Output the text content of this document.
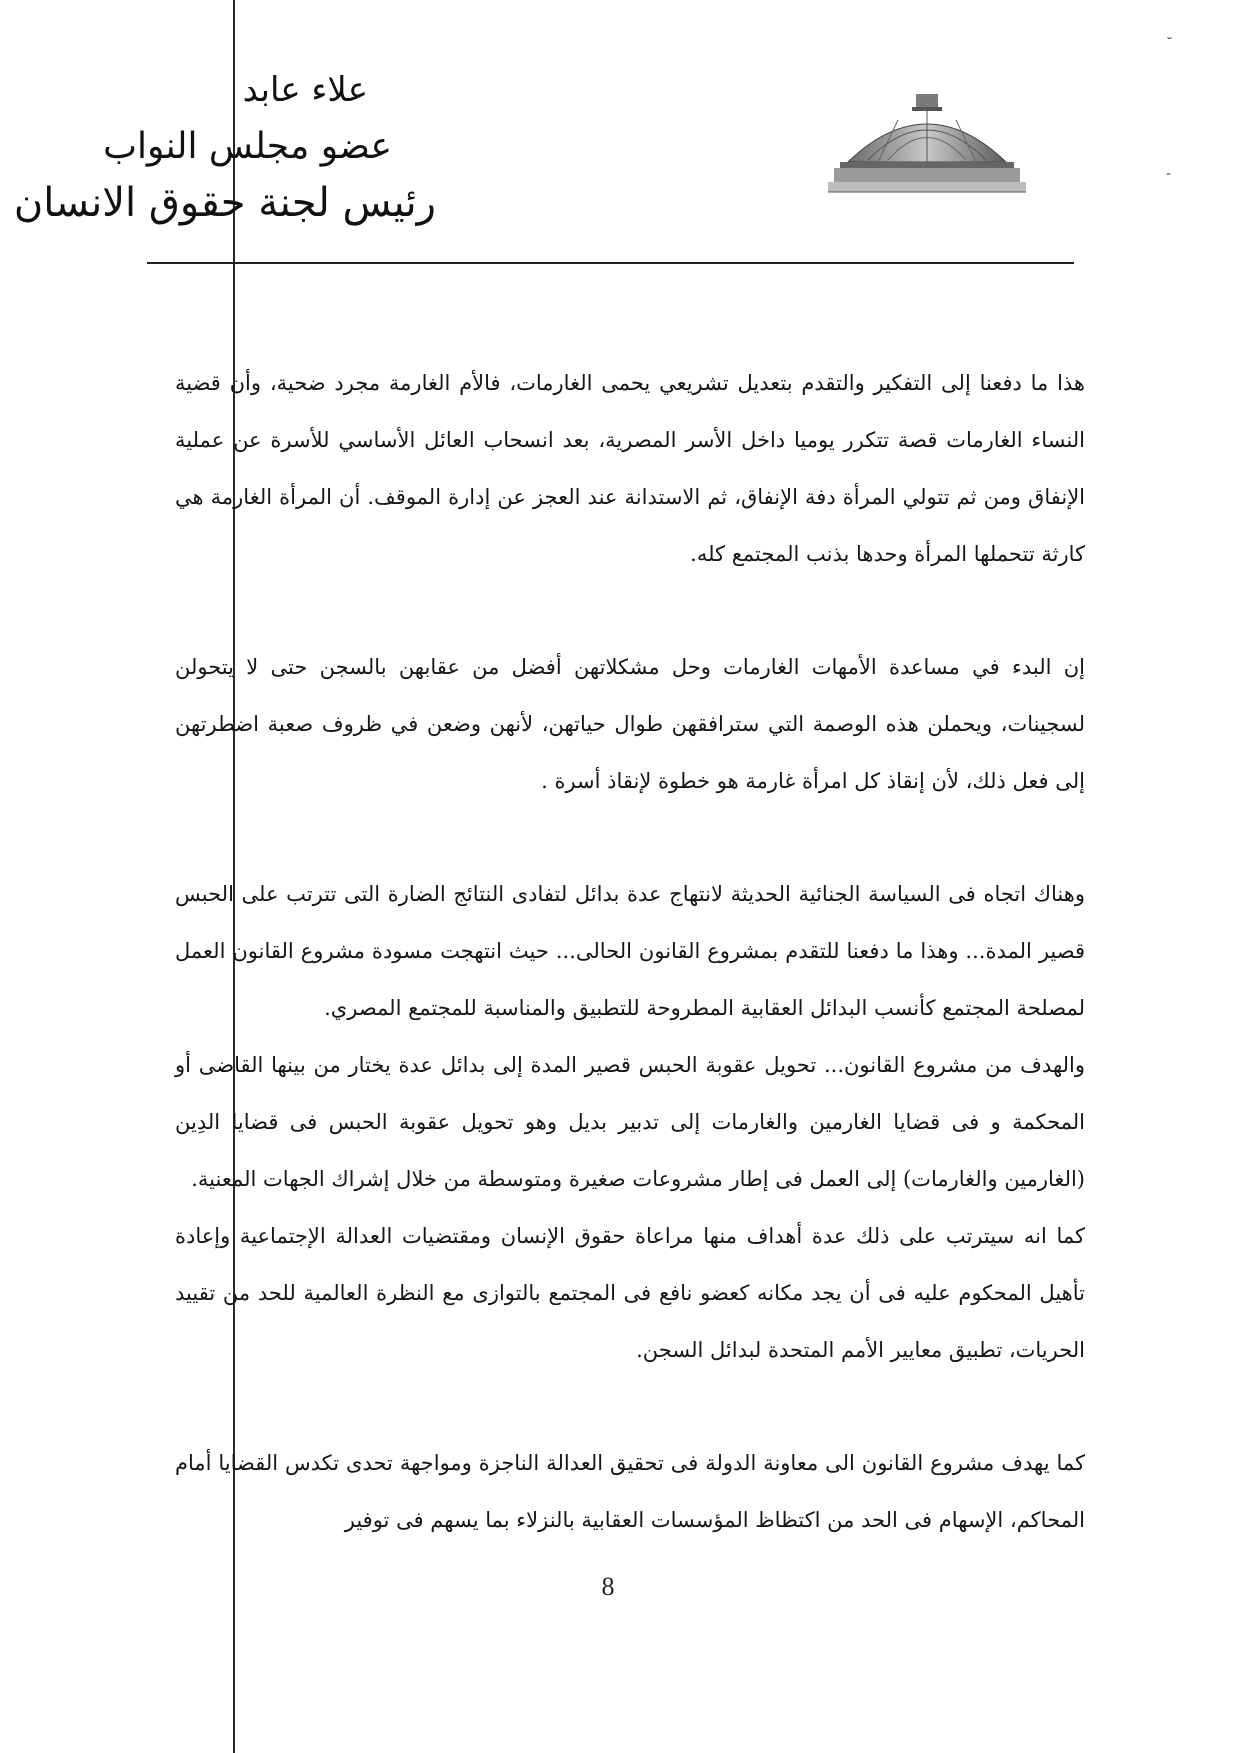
˘
-
علاء عابد
عضو مجلس النواب
رئيس لجنة حقوق الانسان

هذا ما دفعنا إلى التفكير والتقدم بتعديل تشريعي يحمى الغارمات، فالأم الغارمة مجرد ضحية، وأن قضية النساء الغارمات قصة تتكرر يوميا داخل الأسر المصرية، بعد انسحاب العائل الأساسي للأسرة عن عملية الإنفاق ومن ثم تتولي المرأة دفة الإنفاق، ثم الاستدانة عند العجز عن إدارة الموقف. أن المرأة الغارمة هي كارثة تتحملها المرأة وحدها بذنب المجتمع كله.

إن البدء في مساعدة الأمهات الغارمات وحل مشكلاتهن أفضل من عقابهن بالسجن حتى لا يتحولن لسجينات، ويحملن هذه الوصمة التي سترافقهن طوال حياتهن، لأنهن وضعن في ظروف صعبة اضطرتهن إلى فعل ذلك، لأن إنقاذ كل امرأة غارمة هو خطوة لإنقاذ أسرة .

وهناك اتجاه فى السياسة الجنائية الحديثة لانتهاج عدة بدائل لتفادى النتائج الضارة التى تترتب على الحبس قصير المدة... وهذا ما دفعنا للتقدم بمشروع القانون الحالى... حيث انتهجت مسودة مشروع القانون العمل لمصلحة المجتمع كأنسب البدائل العقابية المطروحة للتطبيق والمناسبة للمجتمع المصري.

والهدف من مشروع القانون... تحويل عقوبة الحبس قصير المدة إلى بدائل عدة يختار من بينها القاضى أو المحكمة و فى قضايا الغارمين والغارمات إلى تدبير بديل وهو تحويل عقوبة الحبس فى قضايا الدِين (الغارمين والغارمات) إلى العمل فى إطار مشروعات صغيرة ومتوسطة من خلال إشراك الجهات المعنية.

كما انه سيترتب على ذلك عدة أهداف منها مراعاة حقوق الإنسان ومقتضيات العدالة الإجتماعية وإعادة تأهيل المحكوم عليه فى أن يجد مكانه كعضو نافع فى المجتمع بالتوازى مع النظرة العالمية للحد من تقييد الحريات، تطبيق معايير الأمم المتحدة لبدائل السجن.

كما يهدف مشروع القانون الى معاونة الدولة فى تحقيق العدالة الناجزة ومواجهة تحدى تكدس القضايا أمام المحاكم، الإسهام فى الحد من اكتظاظ المؤسسات العقابية بالنزلاء بما يسهم فى توفير

8
